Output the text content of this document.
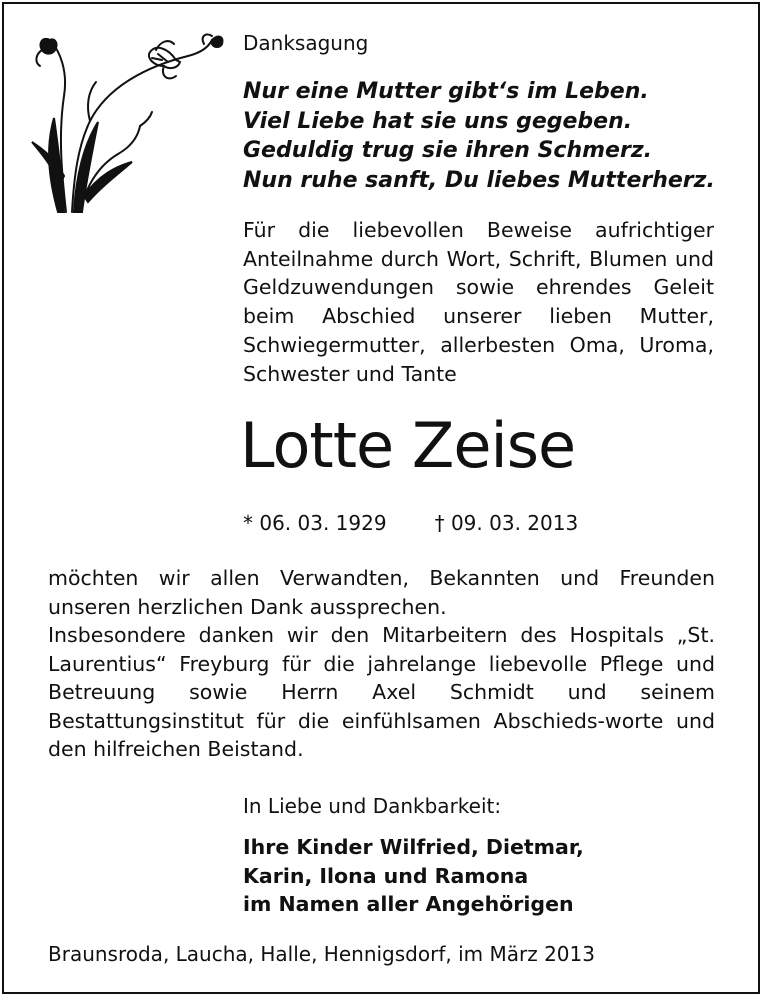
Danksagung
Nur eine Mutter gibt‘s im Leben.
Viel Liebe hat sie uns gegeben.
Geduldig trug sie ihren Schmerz.
Nun ruhe sanft, Du liebes Mutterherz.
Für die liebevollen Beweise aufrichtiger Anteilnahme durch Wort, Schrift, Blumen und Geldzuwendungen sowie ehrendes Geleit beim Abschied unserer lieben Mutter, Schwiegermutter, allerbesten Oma, Uroma, Schwester und Tante
Lotte Zeise
* 06. 03. 1929 † 09. 03. 2013

möchten wir allen Verwandten, Bekannten und Freunden unseren herzlichen Dank aussprechen.

Insbesondere danken wir den Mitarbeitern des Hospitals „St. Laurentius“ Freyburg für die jahrelange liebevolle Pflege und Betreuung sowie Herrn Axel Schmidt und seinem Bestattungsinstitut für die einfühlsamen Abschieds-worte und den hilfreichen Beistand.

In Liebe und Dankbarkeit:
Ihre Kinder Wilfried, Dietmar,
Karin, Ilona und Ramona
im Namen aller Angehörigen
Braunsroda, Laucha, Halle, Hennigsdorf, im März 2013
